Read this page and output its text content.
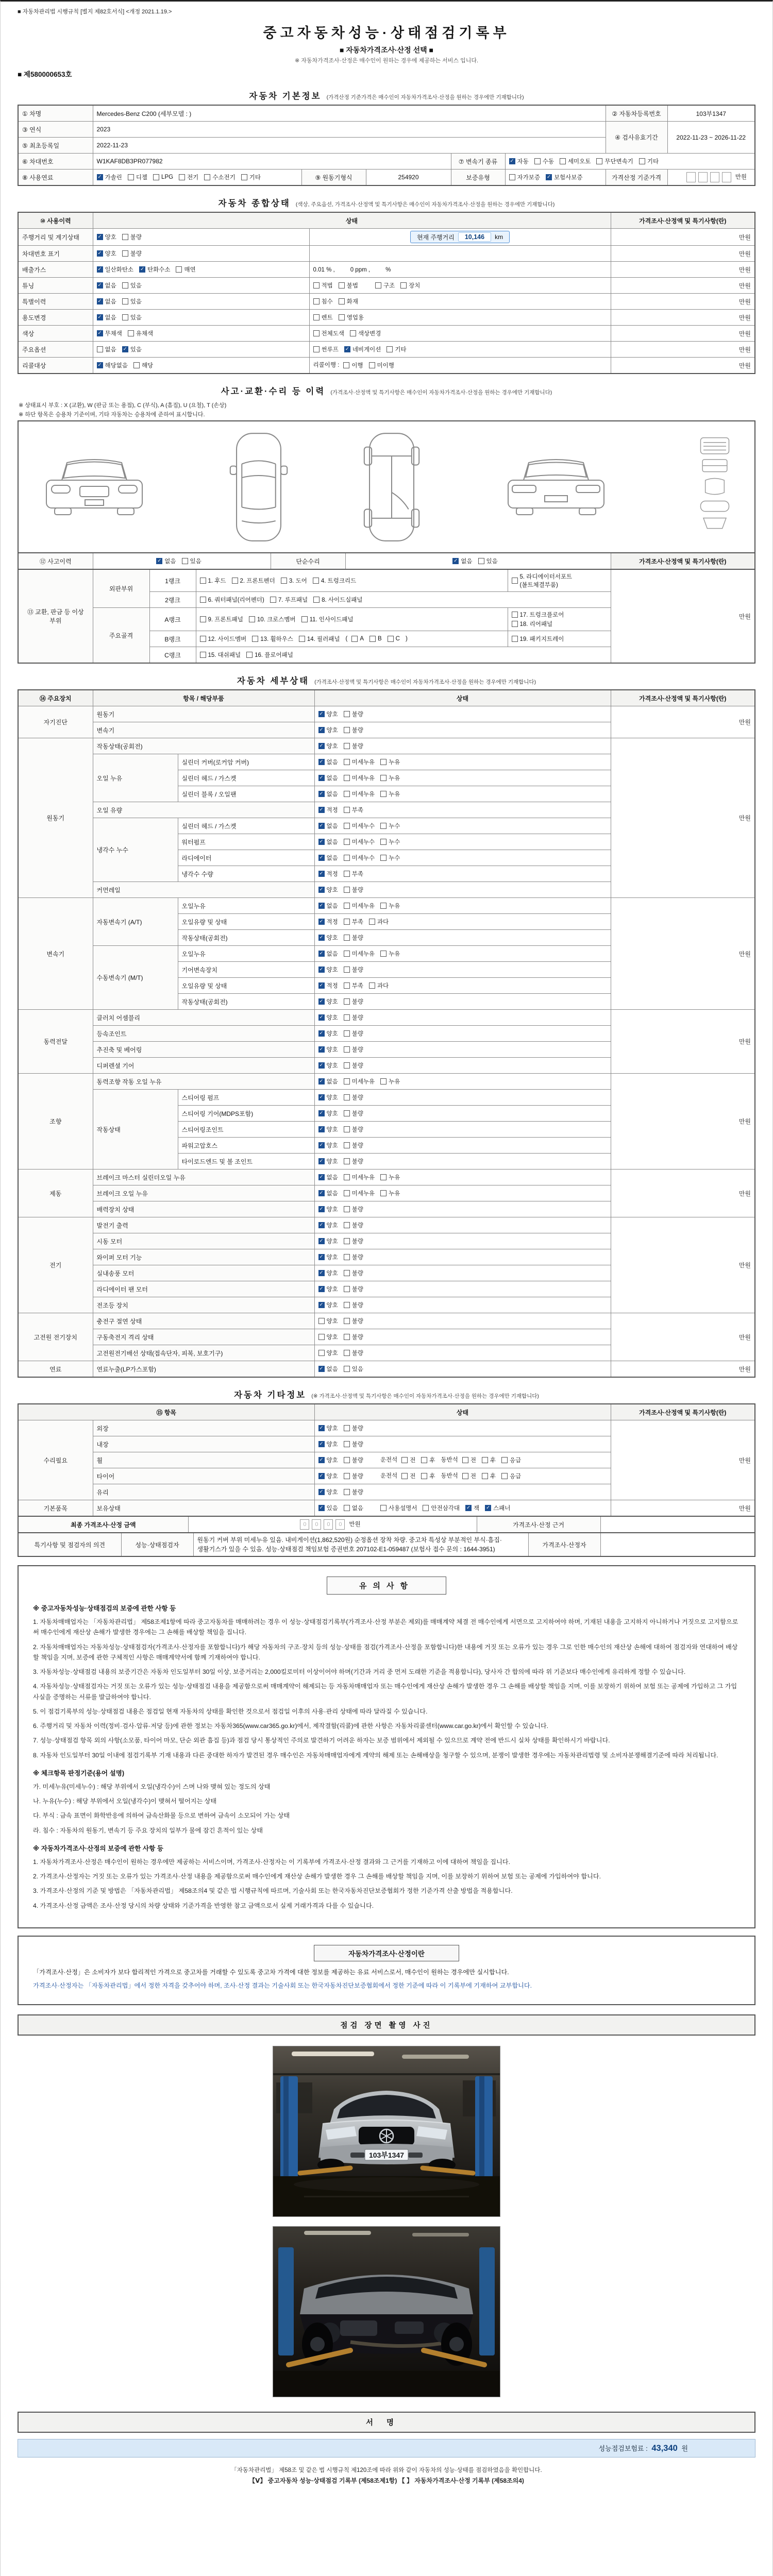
■ 자동차관리법 시행규칙 [별지 제82호서식] <개정 2021.1.19.>
중고자동차성능·상태점검기록부
■ 자동차가격조사·산정 선택 ■
※ 자동차가격조사·산정은 매수인이 원하는 경우에 제공하는 서비스 입니다.
■ 제580000653호
자동차 기본정보 (가격산정 기준가격은 매수인이 자동차가격조사·산정을 원하는 경우에만 기재합니다)
① 차명	Mercedes-Benz C200 (세부모델 : )					② 자동차등록번호	103부1347
③ 연식	2023					④ 검사유효기간	2022-11-23 ~ 2026-11-22
⑤ 최초등록일	2022-11-23						
⑥ 차대번호	W1KAF8DB3PR077982	⑦ 변속기 종류	✓ 자동 수동 세미오토 무단변속기 기타

⑧ 사용연료	✓ 가솔린 디젤 LPG 전기 수소전기 기타	⑨ 원동기형식	254920	보증유형	자가보증 ✓ 보험사보증	가격산정 기준가격	만원
자동차 종합상태 (색상, 주요옵션, 가격조사·산정액 및 특기사항은 매수인이 자동차가격조사·산정을 원하는 경우에만 기재합니다)
⑩ 사용이력	상태		가격조사·산정액 및 특기사항(란)
주행거리 및 계기상태	✓ 양호 불량	현재 주행거리 10,146 km	만원
차대번호 표기	✓ 양호 불량		만원
배출가스	✓ 일산화탄소 ✓ 탄화수소 매연	0.01 % , 0 ppm , %	만원
튜닝	✓ 없음 있음	적법 불법 구조 장치	만원
특별이력	✓ 없음 있음	침수 화재	만원
용도변경	✓ 없음 있음	렌트 영업용	만원
색상	✓ 무채색 유채색	전체도색 색상변경	만원
주요옵션	없음 ✓ 있음	썬루프 ✓ 네비게이션 기타	만원
리콜대상	✓ 해당없음 해당	리콜이행 : 이행 미이행	만원
사고·교환·수리 등 이력 (가격조사·산정액 및 특기사항은 매수인이 자동차가격조사·산정을 원하는 경우에만 기재합니다)
※ 상태표시 부호 : X (교환), W (판금 또는 용접), C (부식), A (흠집), U (요철), T (손상)
※ 하단 항목은 승용차 기준이며, 기타 자동차는 승용차에 준하여 표시합니다.
⑫ 사고이력	✓ 없음 있음	단순수리	✓ 없음 있음	가격조사·산정액 및 특기사항(란)
⑬ 교환, 판금 등 이상 부위	외판부위	1랭크	1. 후드 2. 프론트펜더 3. 도어 4. 트렁크리드	5. 라디에이터서포트(볼트체결부품)	만원
		2랭크	6. 쿼터패널(리어펜더) 7. 루프패널 8. 사이드실패널		

	주요골격	A랭크	9. 프론트패널 10. 크로스멤버 11. 인사이드패널	17. 트렁크플로어
18. 리어패널	

B랭크	12. 사이드멤버 13. 휠하우스 14. 필러패널 ( A B C )	19. 패키지트레이

		C랭크	15. 대쉬패널 16. 플로어패널		
자동차 세부상태 (가격조사·산정액 및 특기사항은 매수인이 자동차가격조사·산정을 원하는 경우에만 기재합니다)
⑭ 주요장치	항목 / 해당부품		상태	가격조사·산정액 및 특기사항(란)
자기진단	원동기		✓ 양호 불량	만원
	변속기		✓ 양호 불량	

원동기	작동상태(공회전)		✓ 양호 불량	만원
	오일 누유	실린더 커버(로커암 커버)	✓ 없음 미세누유 누유	

		실린더 헤드 / 가스켓	✓ 없음 미세누유 누유	

		실린더 블록 / 오일팬	✓ 없음 미세누유 누유	

	오일 유량		✓ 적정 부족	

	냉각수 누수	실린더 헤드 / 가스켓	✓ 없음 미세누수 누수	

		워터펌프	✓ 없음 미세누수 누수	

		라디에이터	✓ 없음 미세누수 누수	

		냉각수 수량	✓ 적정 부족	

	커먼레일		✓ 양호 불량	

변속기	자동변속기 (A/T)	오일누유	✓ 없음 미세누유 누유	만원
		오일유량 및 상태	✓ 적정 부족 과다	

		작동상태(공회전)	✓ 양호 불량	

	수동변속기 (M/T)	오일누유	✓ 없음 미세누유 누유	

		기어변속장치	✓ 양호 불량	

		오일유량 및 상태	✓ 적정 부족 과다	

		작동상태(공회전)	✓ 양호 불량	

동력전달	클러치 어셈블리		✓ 양호 불량	만원
	등속조인트		✓ 양호 불량	

	추진축 및 베어링		✓ 양호 불량	

	디퍼렌셜 기어		✓ 양호 불량	

조향	동력조향 작동 오일 누유		✓ 없음 미세누유 누유	만원
	작동상태	스티어링 펌프	✓ 양호 불량	

		스티어링 기어(MDPS포함)	✓ 양호 불량	

		스티어링조인트	✓ 양호 불량	

		파워고압호스	✓ 양호 불량	

		타이로드엔드 및 볼 조인트	✓ 양호 불량	

제동	브레이크 마스터 실린더오일 누유		✓ 없음 미세누유 누유	만원
	브레이크 오일 누유		✓ 없음 미세누유 누유	

	배력장치 상태		✓ 양호 불량	

전기	발전기 출력		✓ 양호 불량	만원
	시동 모터		✓ 양호 불량	

	와이퍼 모터 기능		✓ 양호 불량	

	실내송풍 모터		✓ 양호 불량	

	라디에이터 팬 모터		✓ 양호 불량	

	전조등 장치		✓ 양호 불량	

고전원 전기장치	충전구 절연 상태		양호 불량	만원
	구동축전지 격리 상태		양호 불량	

	고전원전기배선 상태(접속단자, 피복, 보호기구)		양호 불량	

연료	연료누출(LP가스포함)		✓ 없음 있음	만원
자동차 기타정보 (※ 가격조사·산정액 및 특기사항은 매수인이 자동차가격조사·산정을 원하는 경우에만 기재합니다)
⑮ 항목		상태	가격조사·산정액 및 특기사항(란)
수리필요	외장	✓ 양호 불량	만원
	내장	✓ 양호 불량	

휠	✓ 양호 불량	운전석 전 후 동반석 전 후 응급

타이어	✓ 양호 불량	운전석 전 후 동반석 전 후 응급

	유리	✓ 양호 불량	

기본품목	보유상태	✓ 있음 없음	사용설명서 안전삼각대 ✓ 잭 ✓ 스패너	만원
최종 가격조사·산정 금액	0	0	0	0	만원	가격조사·산정 근거	
특기사항 및 점검자의 의견	성능·상태점검자	원동기 커버 부위 미세누유 있음. 내비게이션(1,862,520원) 순정옵션 장착 차량. 중고차 특성상 부분적인 부식·흠집·생활기스가 있을 수 있음. 성능·상태점검 책임보험 증권번호 207102-E1-059487 (보험사 접수 문의 : 1644-3951)	가격조사·산정자	
유의사항
※ 중고자동차성능·상태점검의 보증에 관한 사항 등
1. 자동차매매업자는 「자동차관리법」 제58조제1항에 따라 중고자동차를 매매하려는 경우 이 성능·상태점검기록부(가격조사·산정 부분은 제외)를 매매계약 체결 전 매수인에게 서면으로 고지하여야 하며, 기재된 내용을 고지하지 아니하거나 거짓으로 고지함으로써 매수인에게 재산상 손해가 발생한 경우에는 그 손해를 배상할 책임을 집니다.
2. 자동차매매업자는 자동차성능·상태점검자(가격조사·산정자를 포함합니다)가 해당 자동차의 구조·장치 등의 성능·상태를 점검(가격조사·산정을 포함합니다)한 내용에 거짓 또는 오류가 있는 경우 그로 인한 매수인의 재산상 손해에 대하여 점검자와 연대하여 배상할 책임을 지며, 보증에 관한 구체적인 사항은 매매계약서에 함께 기재하여야 합니다.
3. 자동차성능·상태점검 내용의 보증기간은 자동차 인도일부터 30일 이상, 보증거리는 2,000킬로미터 이상이어야 하며(기간과 거리 중 먼저 도래한 기준을 적용합니다), 당사자 간 합의에 따라 위 기준보다 매수인에게 유리하게 정할 수 있습니다.
4. 자동차성능·상태점검자는 거짓 또는 오류가 있는 성능·상태점검 내용을 제공함으로써 매매계약이 해제되는 등 자동차매매업자 또는 매수인에게 재산상 손해가 발생한 경우 그 손해를 배상할 책임을 지며, 이를 보장하기 위하여 보험 또는 공제에 가입하고 그 가입 사실을 증명하는 서류를 발급하여야 합니다.
5. 이 점검기록부의 성능·상태점검 내용은 점검일 현재 자동차의 상태를 확인한 것으로서 점검일 이후의 사용·관리 상태에 따라 달라질 수 있습니다.
6. 주행거리 및 자동차 이력(정비·검사·압류·저당 등)에 관한 정보는 자동차365(www.car365.go.kr)에서, 제작결함(리콜)에 관한 사항은 자동차리콜센터(www.car.go.kr)에서 확인할 수 있습니다.
7. 성능·상태점검 항목 외의 사항(소모품, 타이어 마모, 단순 외관 흠집 등)과 점검 당시 통상적인 주의로 발견하기 어려운 하자는 보증 범위에서 제외될 수 있으므로 계약 전에 반드시 실차 상태를 확인하시기 바랍니다.
8. 자동차 인도일부터 30일 이내에 점검기록부 기재 내용과 다른 중대한 하자가 발견된 경우 매수인은 자동차매매업자에게 계약의 해제 또는 손해배상을 청구할 수 있으며, 분쟁이 발생한 경우에는 자동차관리법령 및 소비자분쟁해결기준에 따라 처리됩니다.
※ 체크항목 판정기준(용어 설명)
가. 미세누유(미세누수) : 해당 부위에서 오일(냉각수)이 스며 나와 맺혀 있는 정도의 상태
나. 누유(누수) : 해당 부위에서 오일(냉각수)이 맺혀서 떨어지는 상태
다. 부식 : 금속 표면이 화학반응에 의하여 금속산화물 등으로 변하여 금속이 소모되어 가는 상태
라. 침수 : 자동차의 원동기, 변속기 등 주요 장치의 일부가 물에 잠긴 흔적이 있는 상태
※ 자동차가격조사·산정의 보증에 관한 사항 등
1. 자동차가격조사·산정은 매수인이 원하는 경우에만 제공하는 서비스이며, 가격조사·산정자는 이 기록부에 가격조사·산정 결과와 그 근거를 기재하고 이에 대하여 책임을 집니다.
2. 가격조사·산정자는 거짓 또는 오류가 있는 가격조사·산정 내용을 제공함으로써 매수인에게 재산상 손해가 발생한 경우 그 손해를 배상할 책임을 지며, 이를 보장하기 위하여 보험 또는 공제에 가입하여야 합니다.
3. 가격조사·산정의 기준 및 방법은 「자동차관리법」 제58조의4 및 같은 법 시행규칙에 따르며, 기술사회 또는 한국자동차진단보증협회가 정한 기준가격 산출 방법을 적용합니다.
4. 가격조사·산정 금액은 조사·산정 당시의 차량 상태와 기준가격을 반영한 참고 금액으로서 실제 거래가격과 다를 수 있습니다.
자동차가격조사·산정이란
「가격조사·산정」은 소비자가 보다 합리적인 가격으로 중고차를 거래할 수 있도록 중고차 가격에 대한 정보를 제공하는 유료 서비스로서, 매수인이 원하는 경우에만 실시합니다.
가격조사·산정자는 「자동차관리법」에서 정한 자격을 갖추어야 하며, 조사·산정 결과는 기술사회 또는 한국자동차진단보증협회에서 정한 기준에 따라 이 기록부에 기재하여 교부합니다.
점검 장면 촬영 사진
103부1347
서명
성능점검보험료 : 43,340 원
「자동차관리법」 제58조 및 같은 법 시행규칙 제120조에 따라 위와 같이 자동차의 성능·상태를 점검하였음을 확인합니다.
【Ⅴ】 중고자동차 성능·상태점검 기록부 (제58조제1항) 【 】 자동차가격조사·산정 기록부 (제58조의4)
